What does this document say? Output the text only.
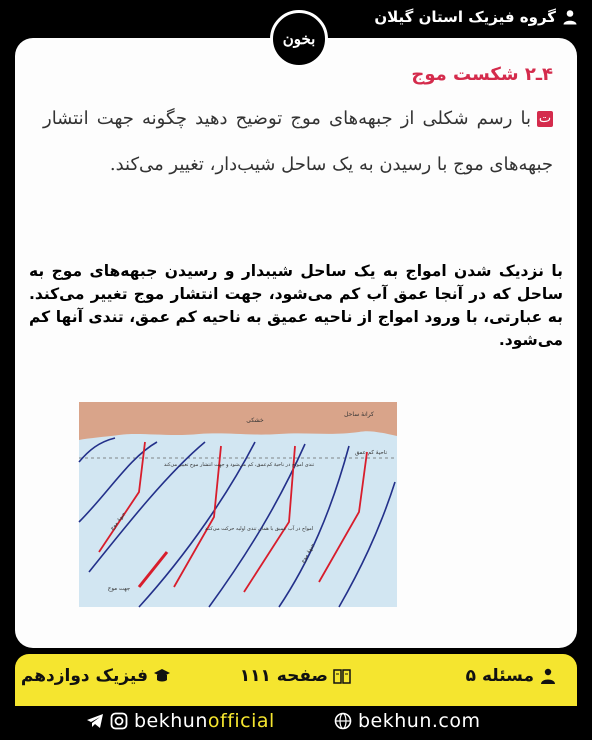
گروه فیزیک استان گیلان
بخون
۴ـ۲ شکست موج
تبا رسم شکلی از جبهه‌های موج توضیح دهید چگونه جهت انتشار جبهه‌های موج با رسیدن به یک ساحل شیب‌دار، تغییر می‌کند.
با نزدیک شدن امواج به یک ساحل شیبدار و رسیدن جبهه‌های موج به ساحل که در آنجا عمق آب کم می‌شود، جهت انتشار موج تغییر می‌کند. به عبارتی، با ورود امواج از ناحیه عمیق به ناحیه کم عمق، تندی آنها کم می‌شود.
خشکی
کرانهٔ ساحل
ناحیهٔ کم عمق
تندی امواج در ناحیهٔ کم‌عمق، کم می‌شود و جهت انتشار موج تغییر می‌کند
امواج در آب عمیق با همان تندی اولیه حرکت می‌کنند
جبههٔ موج
جبههٔ موج
جهت موج
مسئله ۵
صفحه ۱۱۱
فیزیک دوازدهم
bekhunofficial	bekhun.com
